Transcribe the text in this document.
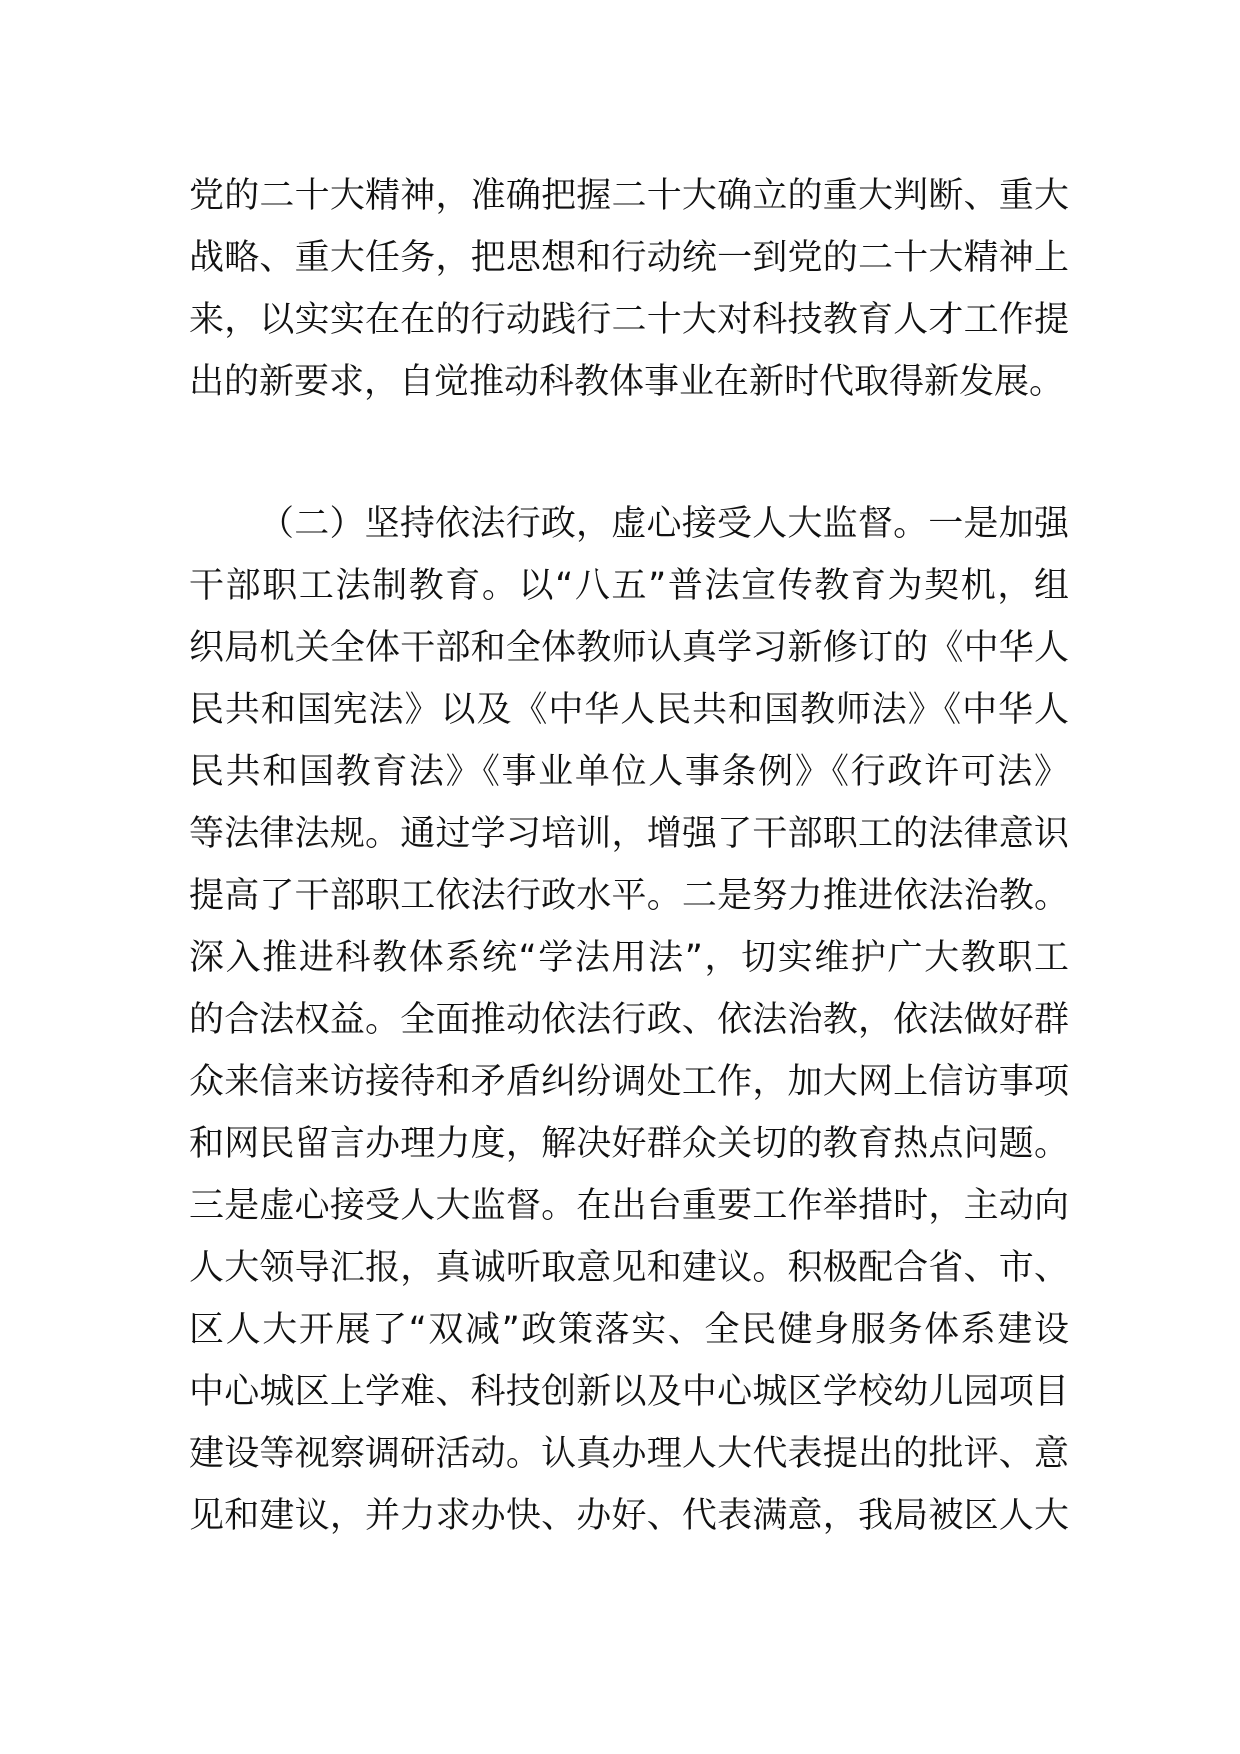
党的二十大精神，准确把握二十大确立的重大判断、重大
战略、重大任务，把思想和行动统一到党的二十大精神上
来，以实实在在的行动践行二十大对科技教育人才工作提
出的新要求，自觉推动科教体事业在新时代取得新发展。
（二）坚持依法行政，虚心接受人大监督。一是加强
干部职工法制教育。以“八五”普法宣传教育为契机，组
织局机关全体干部和全体教师认真学习新修订的《中华人
民共和国宪法》以及《中华人民共和国教师法》《中华人
民共和国教育法》《事业单位人事条例》《行政许可法》
等法律法规。通过学习培训，增强了干部职工的法律意识
提高了干部职工依法行政水平。二是努力推进依法治教。
深入推进科教体系统“学法用法”，切实维护广大教职工
的合法权益。全面推动依法行政、依法治教，依法做好群
众来信来访接待和矛盾纠纷调处工作，加大网上信访事项
和网民留言办理力度，解决好群众关切的教育热点问题。
三是虚心接受人大监督。在出台重要工作举措时，主动向
人大领导汇报，真诚听取意见和建议。积极配合省、市、
区人大开展了“双减”政策落实、全民健身服务体系建设
中心城区上学难、科技创新以及中心城区学校幼儿园项目
建设等视察调研活动。认真办理人大代表提出的批评、意
见和建议，并力求办快、办好、代表满意，我局被区人大
